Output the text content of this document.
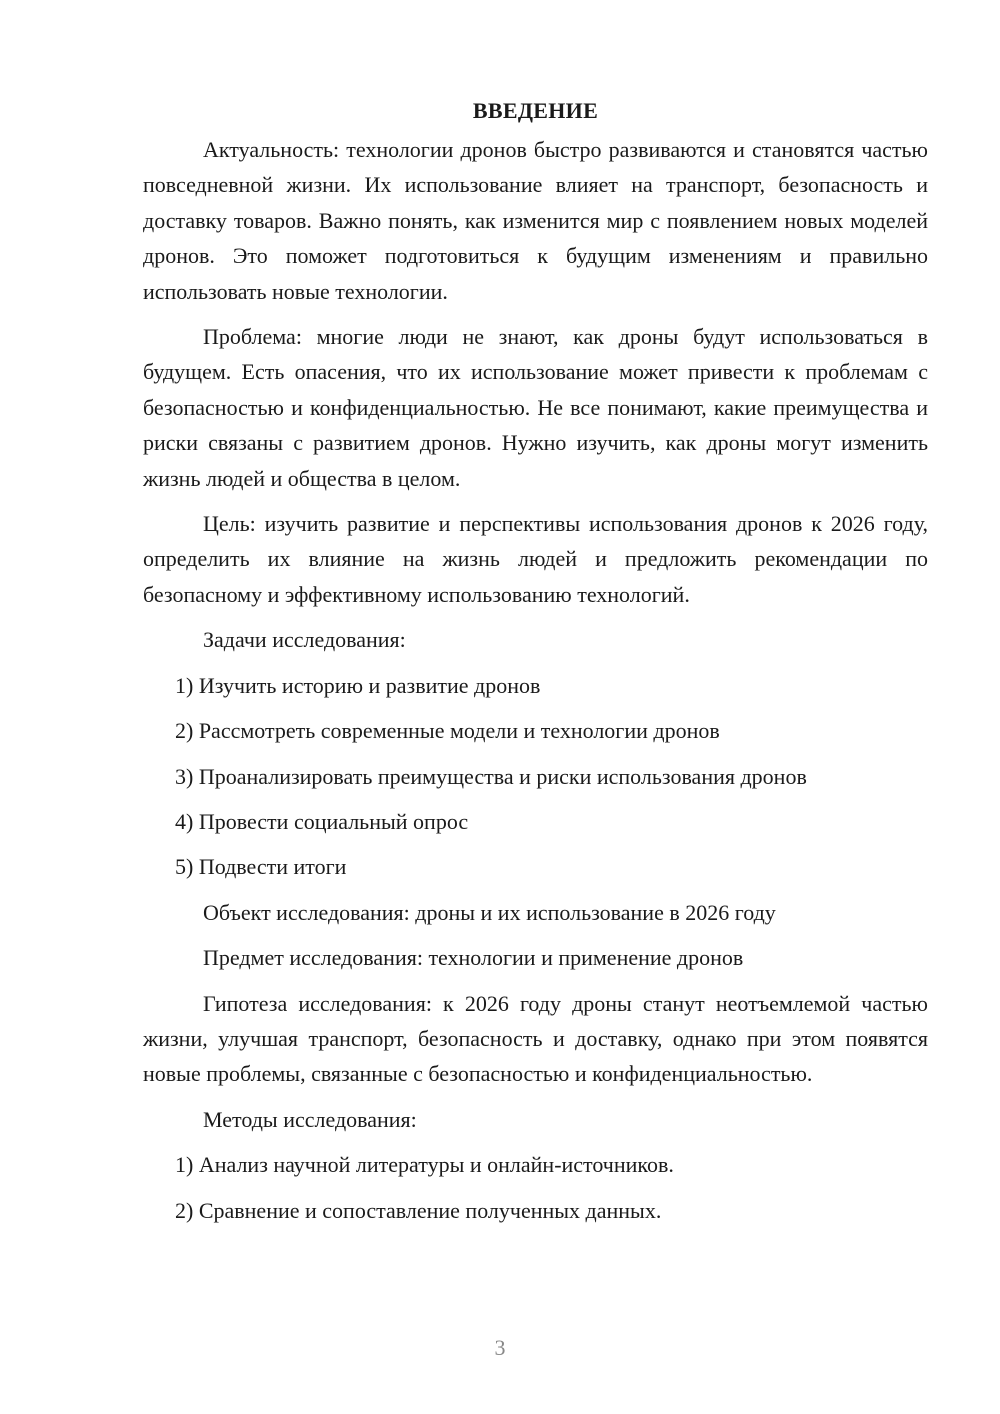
ВВЕДЕНИЕ

Актуальность: технологии дронов быстро развиваются и становятся частью повседневной жизни. Их использование влияет на транспорт, безопасность и доставку товаров. Важно понять, как изменится мир с появлением новых моделей дронов. Это поможет подготовиться к будущим изменениям и правильно использовать новые технологии.

Проблема: многие люди не знают, как дроны будут использоваться в будущем. Есть опасения, что их использование может привести к проблемам с безопасностью и конфиденциальностью. Не все понимают, какие преимущества и риски связаны с развитием дронов. Нужно изучить, как дроны могут изменить жизнь людей и общества в целом.

Цель: изучить развитие и перспективы использования дронов к 2026 году, определить их влияние на жизнь людей и предложить рекомендации по безопасному и эффективному использованию технологий.

Задачи исследования:
1) Изучить историю и развитие дронов
2) Рассмотреть современные модели и технологии дронов
3) Проанализировать преимущества и риски использования дронов
4) Провести социальный опрос
5) Подвести итоги
Объект исследования: дроны и их использование в 2026 году
Предмет исследования: технологии и применение дронов

Гипотеза исследования: к 2026 году дроны станут неотъемлемой частью жизни, улучшая транспорт, безопасность и доставку, однако при этом появятся новые проблемы, связанные с безопасностью и конфиденциальностью.

Методы исследования:
1) Анализ научной литературы и онлайн-источников.
2) Сравнение и сопоставление полученных данных.
3
